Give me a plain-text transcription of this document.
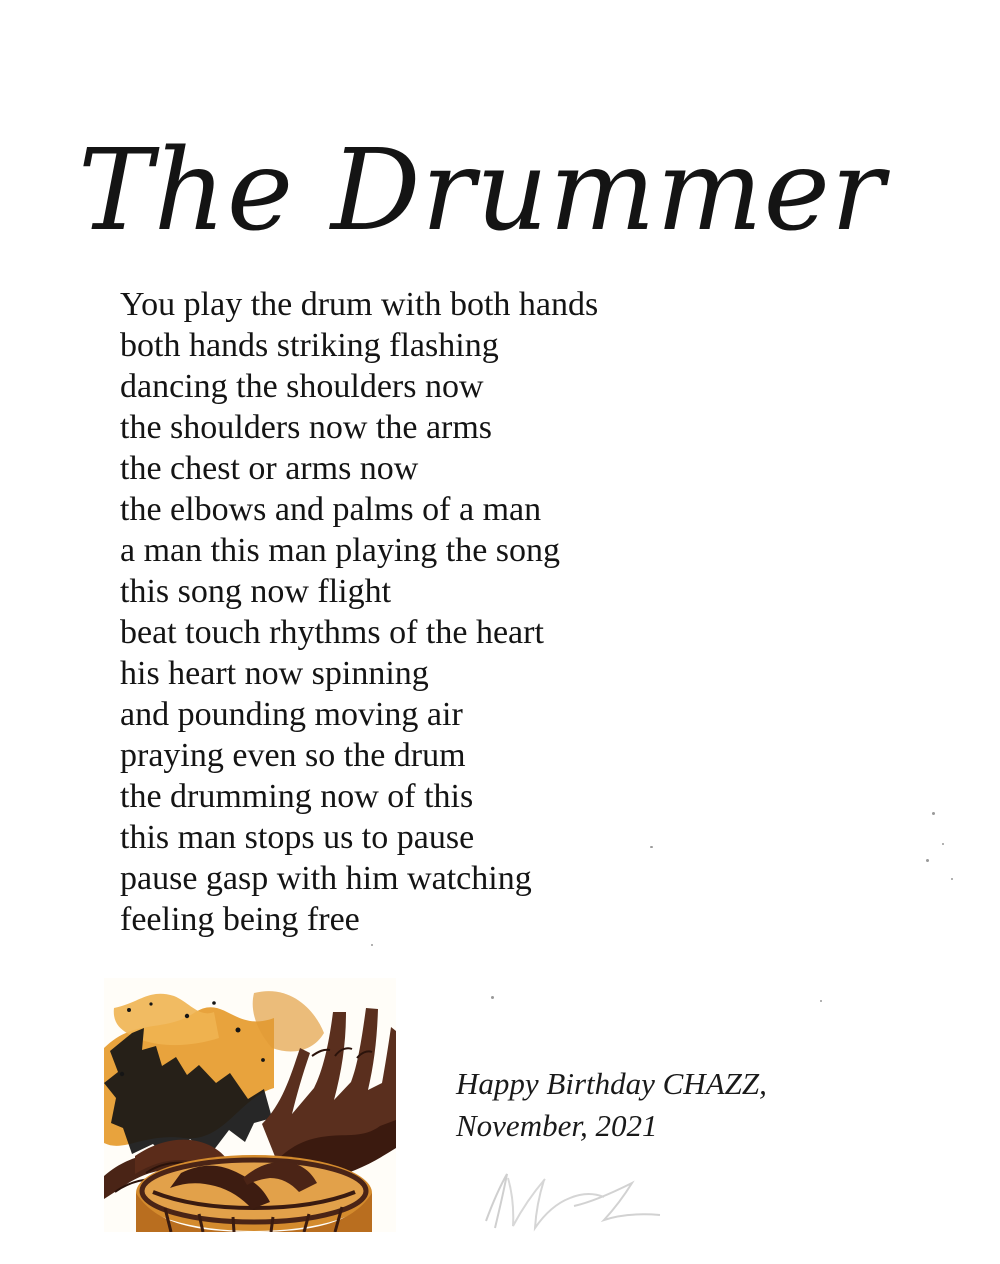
The Drummer
You play the drum with both hands
both hands striking flashing
dancing the shoulders now
the shoulders now the arms
the chest or arms now
the elbows and palms of a man
a man this man playing the song
this song now flight
beat touch rhythms of the heart
his heart now spinning
and pounding moving air
praying even so the drum
the drumming now of this
this man stops us to pause
pause gasp with him watching
feeling being free
Happy Birthday CHAZZ,
November, 2021
